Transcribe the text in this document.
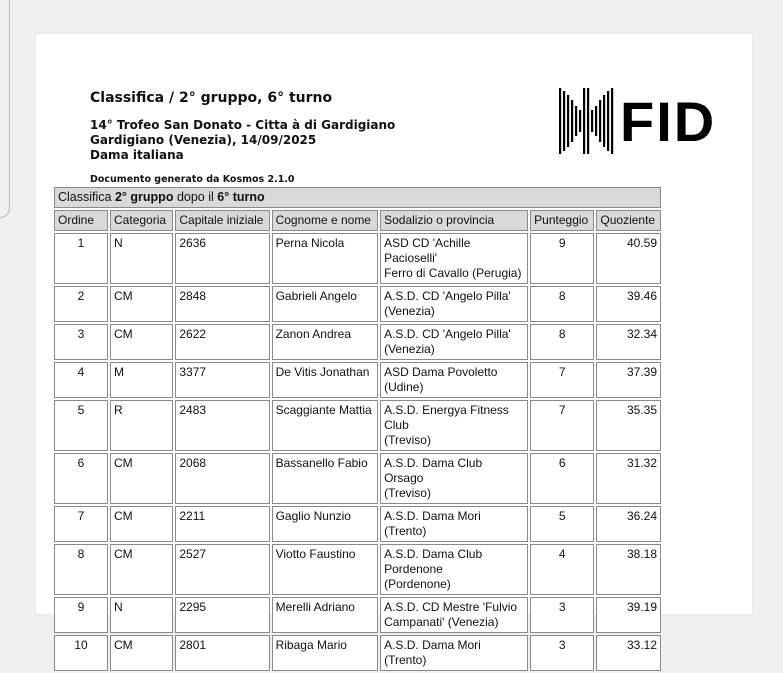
Classifica / 2° gruppo, 6° turno
14° Trofeo San Donato - Citta à di Gardigiano
Gardigiano (Venezia), 14/09/2025
Dama italiana
Documento generato da Kosmos 2.1.0
FID
Classifica 2° gruppo dopo il 6° turno						
Ordine	Categoria	Capitale iniziale	Cognome e nome	Sodalizio o provincia	Punteggio	Quoziente
1	N	2636	Perna Nicola	ASD CD 'Achille Pacioselli'
Ferro di Cavallo (Perugia)	9	40.59
2	CM	2848	Gabrieli Angelo	A.S.D. CD 'Angelo Pilla'
(Venezia)	8	39.46
3	CM	2622	Zanon Andrea	A.S.D. CD 'Angelo Pilla'
(Venezia)	8	32.34
4	M	3377	De Vitis Jonathan	ASD Dama Povoletto (Udine)	7	37.39
5	R	2483	Scaggiante Mattia	A.S.D. Energya Fitness Club
(Treviso)	7	35.35
6	CM	2068	Bassanello Fabio	A.S.D. Dama Club Orsago
(Treviso)	6	31.32
7	CM	2211	Gaglio Nunzio	A.S.D. Dama Mori (Trento)	5	36.24
8	CM	2527	Viotto Faustino	A.S.D. Dama Club Pordenone
(Pordenone)	4	38.18
9	N	2295	Merelli Adriano	A.S.D. CD Mestre 'Fulvio
Campanati' (Venezia)	3	39.19
10	CM	2801	Ribaga Mario	A.S.D. Dama Mori (Trento)	3	33.12
